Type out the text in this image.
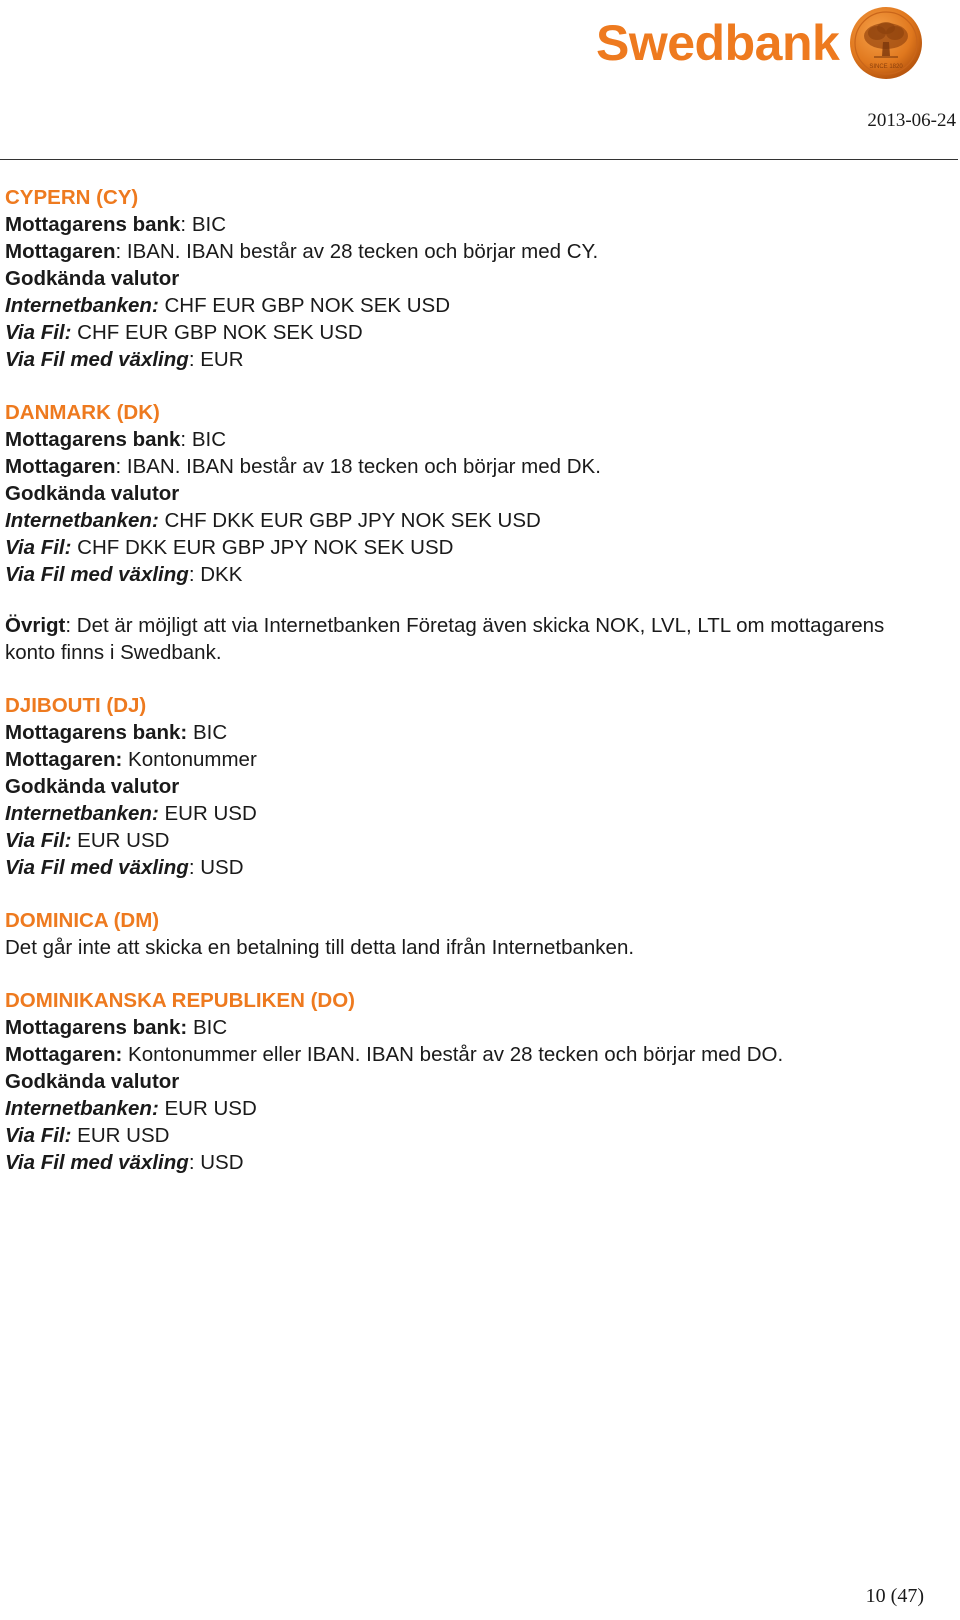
Swedbank	SINCE 1820
2013-06-24
CYPERN (CY)
Mottagarens bank: BIC
Mottagaren: IBAN. IBAN består av 28 tecken och börjar med CY.
Godkända valutor
Internetbanken: CHF EUR GBP NOK SEK USD
Via Fil: CHF EUR GBP NOK SEK USD
Via Fil med växling: EUR
DANMARK (DK)
Mottagarens bank: BIC
Mottagaren: IBAN. IBAN består av 18 tecken och börjar med DK.
Godkända valutor
Internetbanken: CHF DKK EUR GBP JPY NOK SEK USD
Via Fil: CHF DKK EUR GBP JPY NOK SEK USD
Via Fil med växling: DKK
Övrigt: Det är möjligt att via Internetbanken Företag även skicka NOK, LVL, LTL om mottagarens konto finns i Swedbank.
DJIBOUTI (DJ)
Mottagarens bank: BIC
Mottagaren: Kontonummer
Godkända valutor
Internetbanken: EUR USD
Via Fil: EUR USD
Via Fil med växling: USD
DOMINICA (DM)
Det går inte att skicka en betalning till detta land ifrån Internetbanken.
DOMINIKANSKA REPUBLIKEN (DO)
Mottagarens bank: BIC
Mottagaren: Kontonummer eller IBAN. IBAN består av 28 tecken och börjar med DO.
Godkända valutor
Internetbanken: EUR USD
Via Fil: EUR USD
Via Fil med växling: USD
10 (47)
